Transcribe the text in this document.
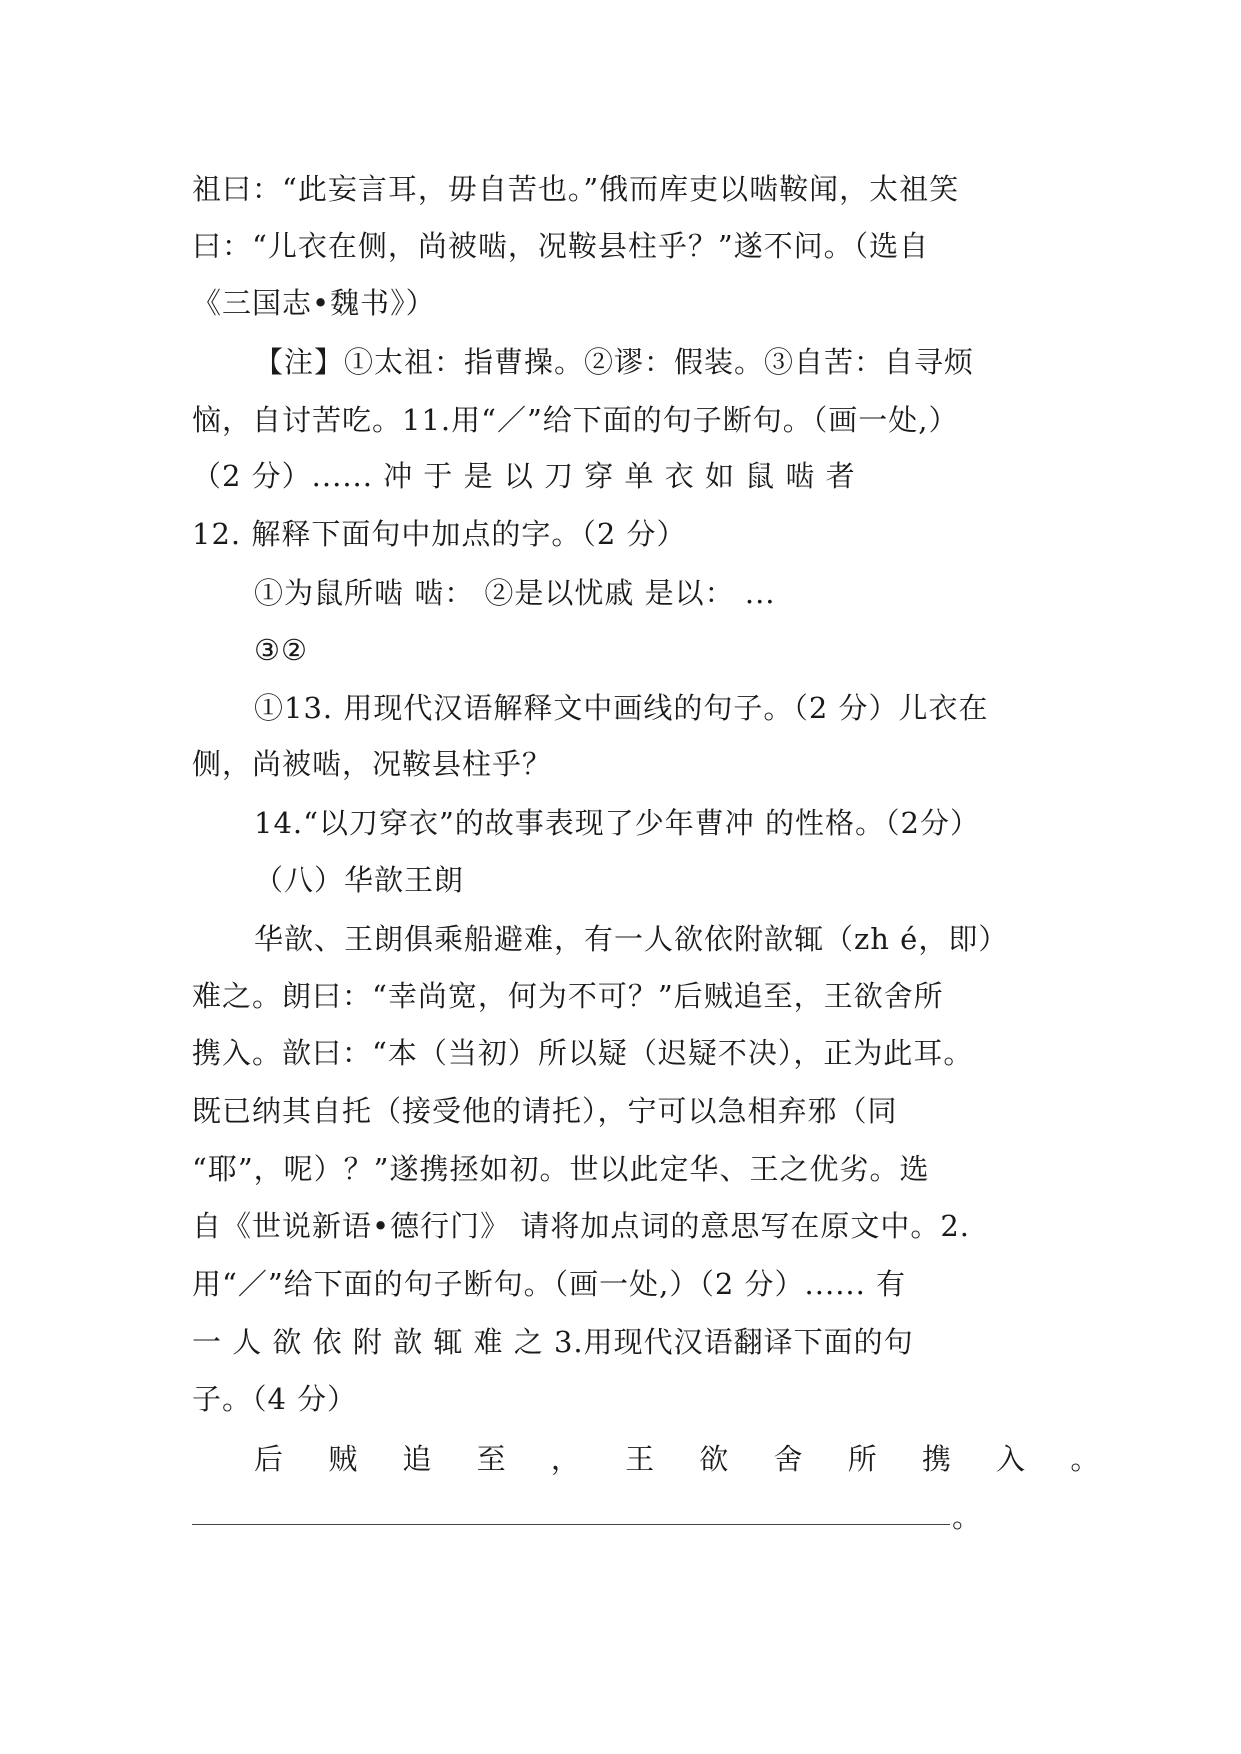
祖曰：“此妄言耳，毋自苦也。”俄而库吏以啮鞍闻，太祖笑
曰：“儿衣在侧，尚被啮，况鞍县柱乎？”遂不问。（选自
《三国志•魏书》）
【注】①太祖：指曹操。②谬：假装。③自苦：自寻烦
恼，自讨苦吃。11.用“／”给下面的句子断句。（画一处,）
（2 分）...... 冲 于 是 以 刀 穿 单 衣 如 鼠 啮 者
12. 解释下面句中加点的字。（2 分）
①为鼠所啮 啮： ②是以忧戚 是以： ...
③②
①13. 用现代汉语解释文中画线的句子。（2 分）儿衣在
侧，尚被啮，况鞍县柱乎？
14.“以刀穿衣”的故事表现了少年曹冲 的性格。（2分）
（八）华歆王朗
华歆、王朗俱乘船避难，有一人欲依附歆辄（zh é，即）
难之。朗曰：“幸尚宽，何为不可？”后贼追至，王欲舍所
携入。歆曰：“本（当初）所以疑（迟疑不决），正为此耳。
既已纳其自托（接受他的请托），宁可以急相弃邪（同
“耶”，呢）？”遂携拯如初。世以此定华、王之优劣。选
自《世说新语•德行门》 请将加点词的意思写在原文中。2.
用“／”给下面的句子断句。（画一处,）（2 分）...... 有
一 人 欲 依 附 歆 辄 难 之 3.用现代汉语翻译下面的句
子。（4 分）
后 贼 追 至 ， 王 欲 舍 所 携 入 。
。
